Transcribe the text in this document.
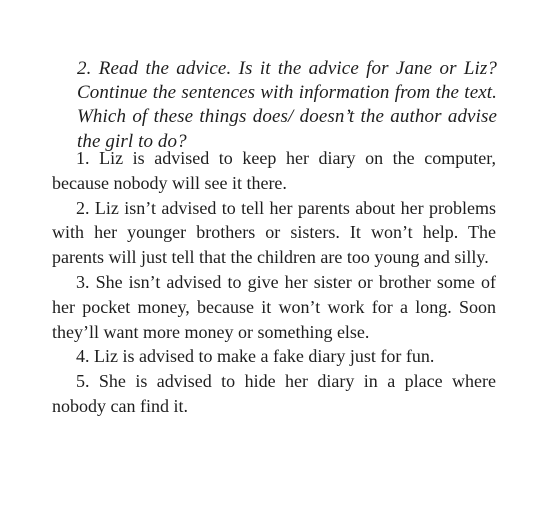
2. Read the advice. Is it the advice for Jane or Liz? Continue the sentences with information from the text. Which of these things does/ doesn’t the author advise the girl to do?

1. Liz is advised to keep her diary on the computer, because nobody will see it there.

2. Liz isn’t advised to tell her parents about her problems with her younger brothers or sisters. It won’t help. The parents will just tell that the children are too young and silly.

3. She isn’t advised to give her sister or brother some of her pocket money, because it won’t work for a long. Soon they’ll want more money or something else.

4. Liz is advised to make a fake diary just for fun.

5. She is advised to hide her diary in a place where nobody can find it.
